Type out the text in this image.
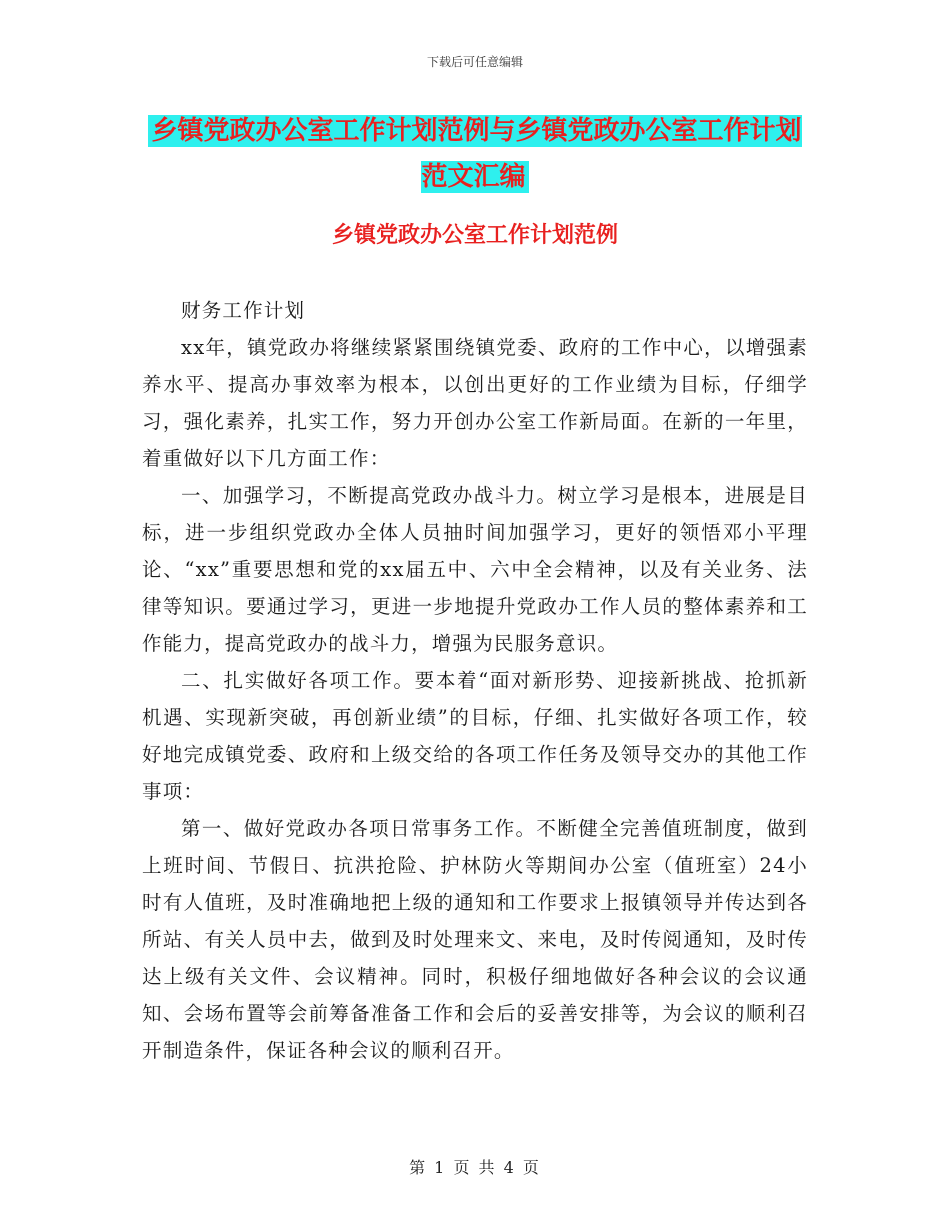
下载后可任意编辑
乡镇党政办公室工作计划范例与乡镇党政办公室工作计划范文汇编
乡镇党政办公室工作计划范例

财务工作计划

xx年，镇党政办将继续紧紧围绕镇党委、政府的工作中心，以增强素养水平、提高办事效率为根本，以创出更好的工作业绩为目标，仔细学习，强化素养，扎实工作，努力开创办公室工作新局面。在新的一年里，着重做好以下几方面工作：

一、加强学习，不断提高党政办战斗力。树立学习是根本，进展是目标，进一步组织党政办全体人员抽时间加强学习，更好的领悟邓小平理论、“xx”重要思想和党的xx届五中、六中全会精神，以及有关业务、法律等知识。要通过学习，更进一步地提升党政办工作人员的整体素养和工作能力，提高党政办的战斗力，增强为民服务意识。

二、扎实做好各项工作。要本着“面对新形势、迎接新挑战、抢抓新机遇、实现新突破，再创新业绩”的目标，仔细、扎实做好各项工作，较好地完成镇党委、政府和上级交给的各项工作任务及领导交办的其他工作事项：

第一、做好党政办各项日常事务工作。不断健全完善值班制度，做到上班时间、节假日、抗洪抢险、护林防火等期间办公室（值班室）24小时有人值班，及时准确地把上级的通知和工作要求上报镇领导并传达到各所站、有关人员中去，做到及时处理来文、来电，及时传阅通知，及时传达上级有关文件、会议精神。同时，积极仔细地做好各种会议的会议通知、会场布置等会前筹备准备工作和会后的妥善安排等，为会议的顺利召开制造条件，保证各种会议的顺利召开。

第 1 页 共 4 页
